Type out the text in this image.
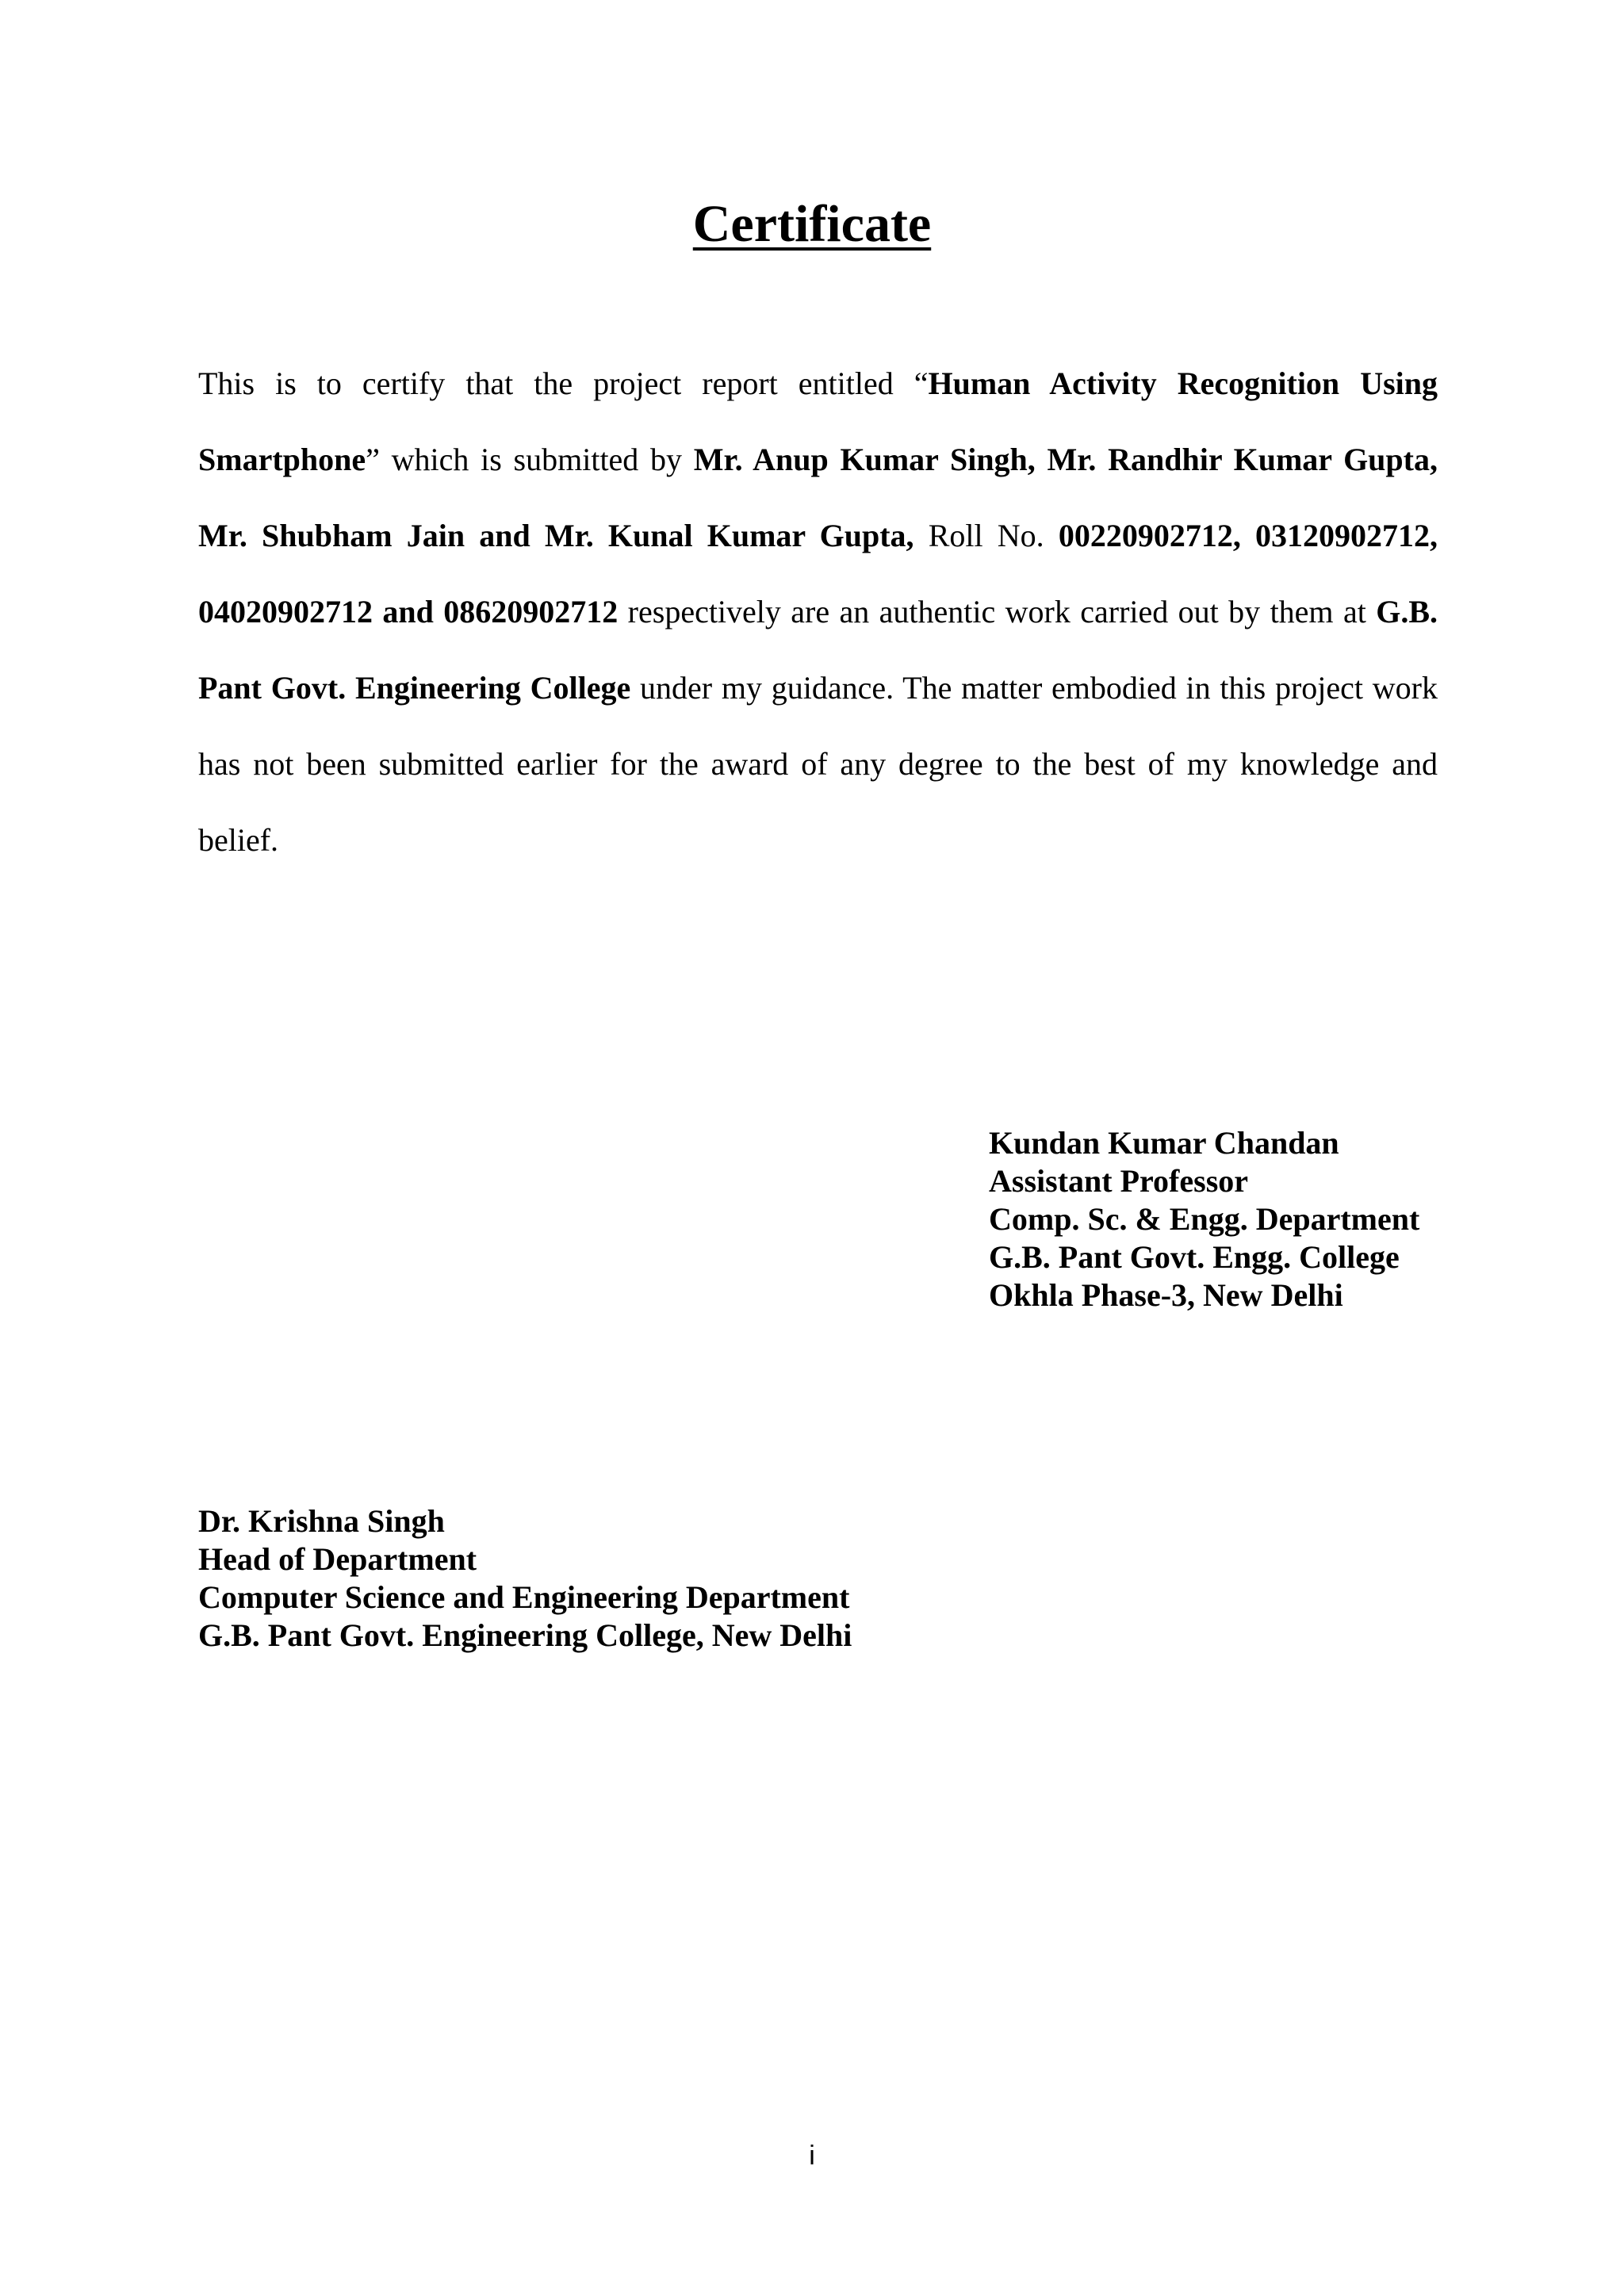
Certificate

This is to certify that the project report entitled “Human Activity Recognition Using Smartphone” which is submitted by Mr. Anup Kumar Singh, Mr. Randhir Kumar Gupta, Mr. Shubham Jain and Mr. Kunal Kumar Gupta, Roll No. 00220902712, 03120902712, 04020902712 and 08620902712 respectively are an authentic work carried out by them at G.B. Pant Govt. Engineering College under my guidance. The matter embodied in this project work has not been submitted earlier for the award of any degree to the best of my knowledge and belief.

Kundan Kumar Chandan
Assistant Professor
Comp. Sc. & Engg. Department
G.B. Pant Govt. Engg. College
Okhla Phase-3, New Delhi
Dr. Krishna Singh
Head of Department
Computer Science and Engineering Department
G.B. Pant Govt. Engineering College, New Delhi
i
